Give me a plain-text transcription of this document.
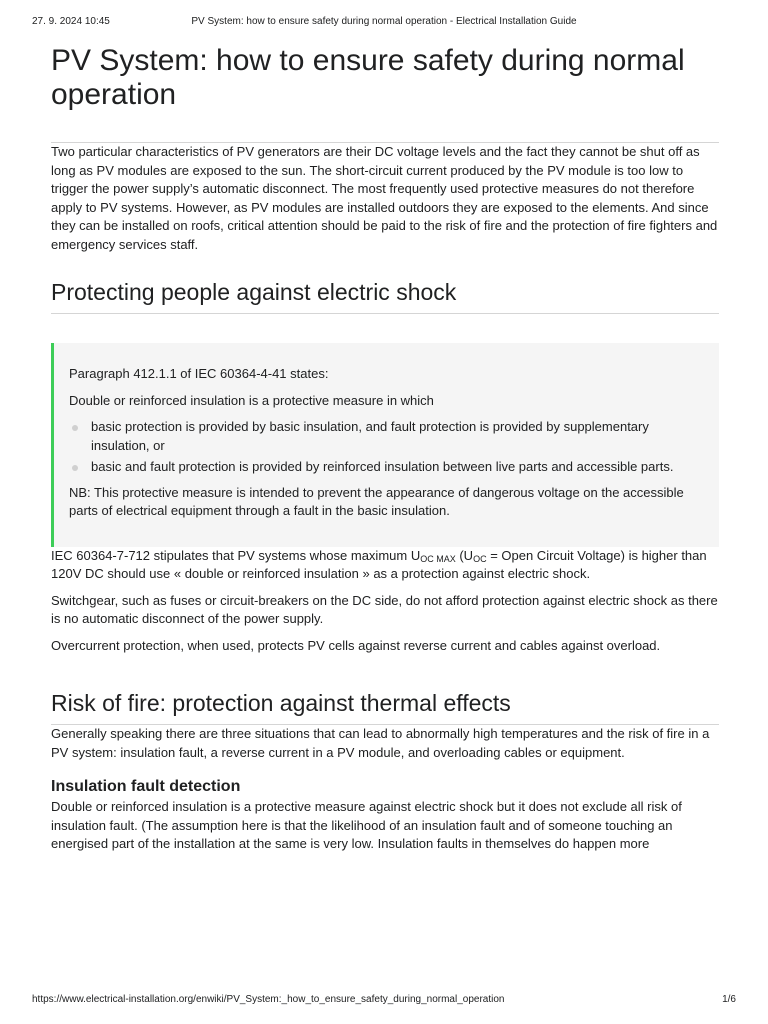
27. 9. 2024 10:45	PV System: how to ensure safety during normal operation - Electrical Installation Guide
PV System: how to ensure safety during normal operation

Two particular characteristics of PV generators are their DC voltage levels and the fact they cannot be shut off as long as PV modules are exposed to the sun. The short-circuit current produced by the PV module is too low to trigger the power supply’s automatic disconnect. The most frequently used protective measures do not therefore apply to PV systems. However, as PV modules are installed outdoors they are exposed to the elements. And since they can be installed on roofs, critical attention should be paid to the risk of fire and the protection of fire fighters and emergency services staff.

Protecting people against electric shock

Paragraph 412.1.1 of IEC 60364-4-41 states:

Double or reinforced insulation is a protective measure in which

basic protection is provided by basic insulation, and fault protection is provided by supplementary insulation, or
basic and fault protection is provided by reinforced insulation between live parts and accessible parts.

NB: This protective measure is intended to prevent the appearance of dangerous voltage on the accessible parts of electrical equipment through a fault in the basic insulation.

IEC 60364-7-712 stipulates that PV systems whose maximum $U_{OC MAX}$ ($U_{OC}$ = Open Circuit Voltage) is higher than 120V DC should use « double or reinforced insulation » as a protection against electric shock.

Switchgear, such as fuses or circuit-breakers on the DC side, do not afford protection against electric shock as there is no automatic disconnect of the power supply.

Overcurrent protection, when used, protects PV cells against reverse current and cables against overload.

Risk of fire: protection against thermal effects

Generally speaking there are three situations that can lead to abnormally high temperatures and the risk of fire in a PV system: insulation fault, a reverse current in a PV module, and overloading cables or equipment.

Insulation fault detection

Double or reinforced insulation is a protective measure against electric shock but it does not exclude all risk of insulation fault. (The assumption here is that the likelihood of an insulation fault and of someone touching an energised part of the installation at the same is very low. Insulation faults in themselves do happen more

https://www.electrical-installation.org/enwiki/PV_System:_how_to_ensure_safety_during_normal_operation	1/6
